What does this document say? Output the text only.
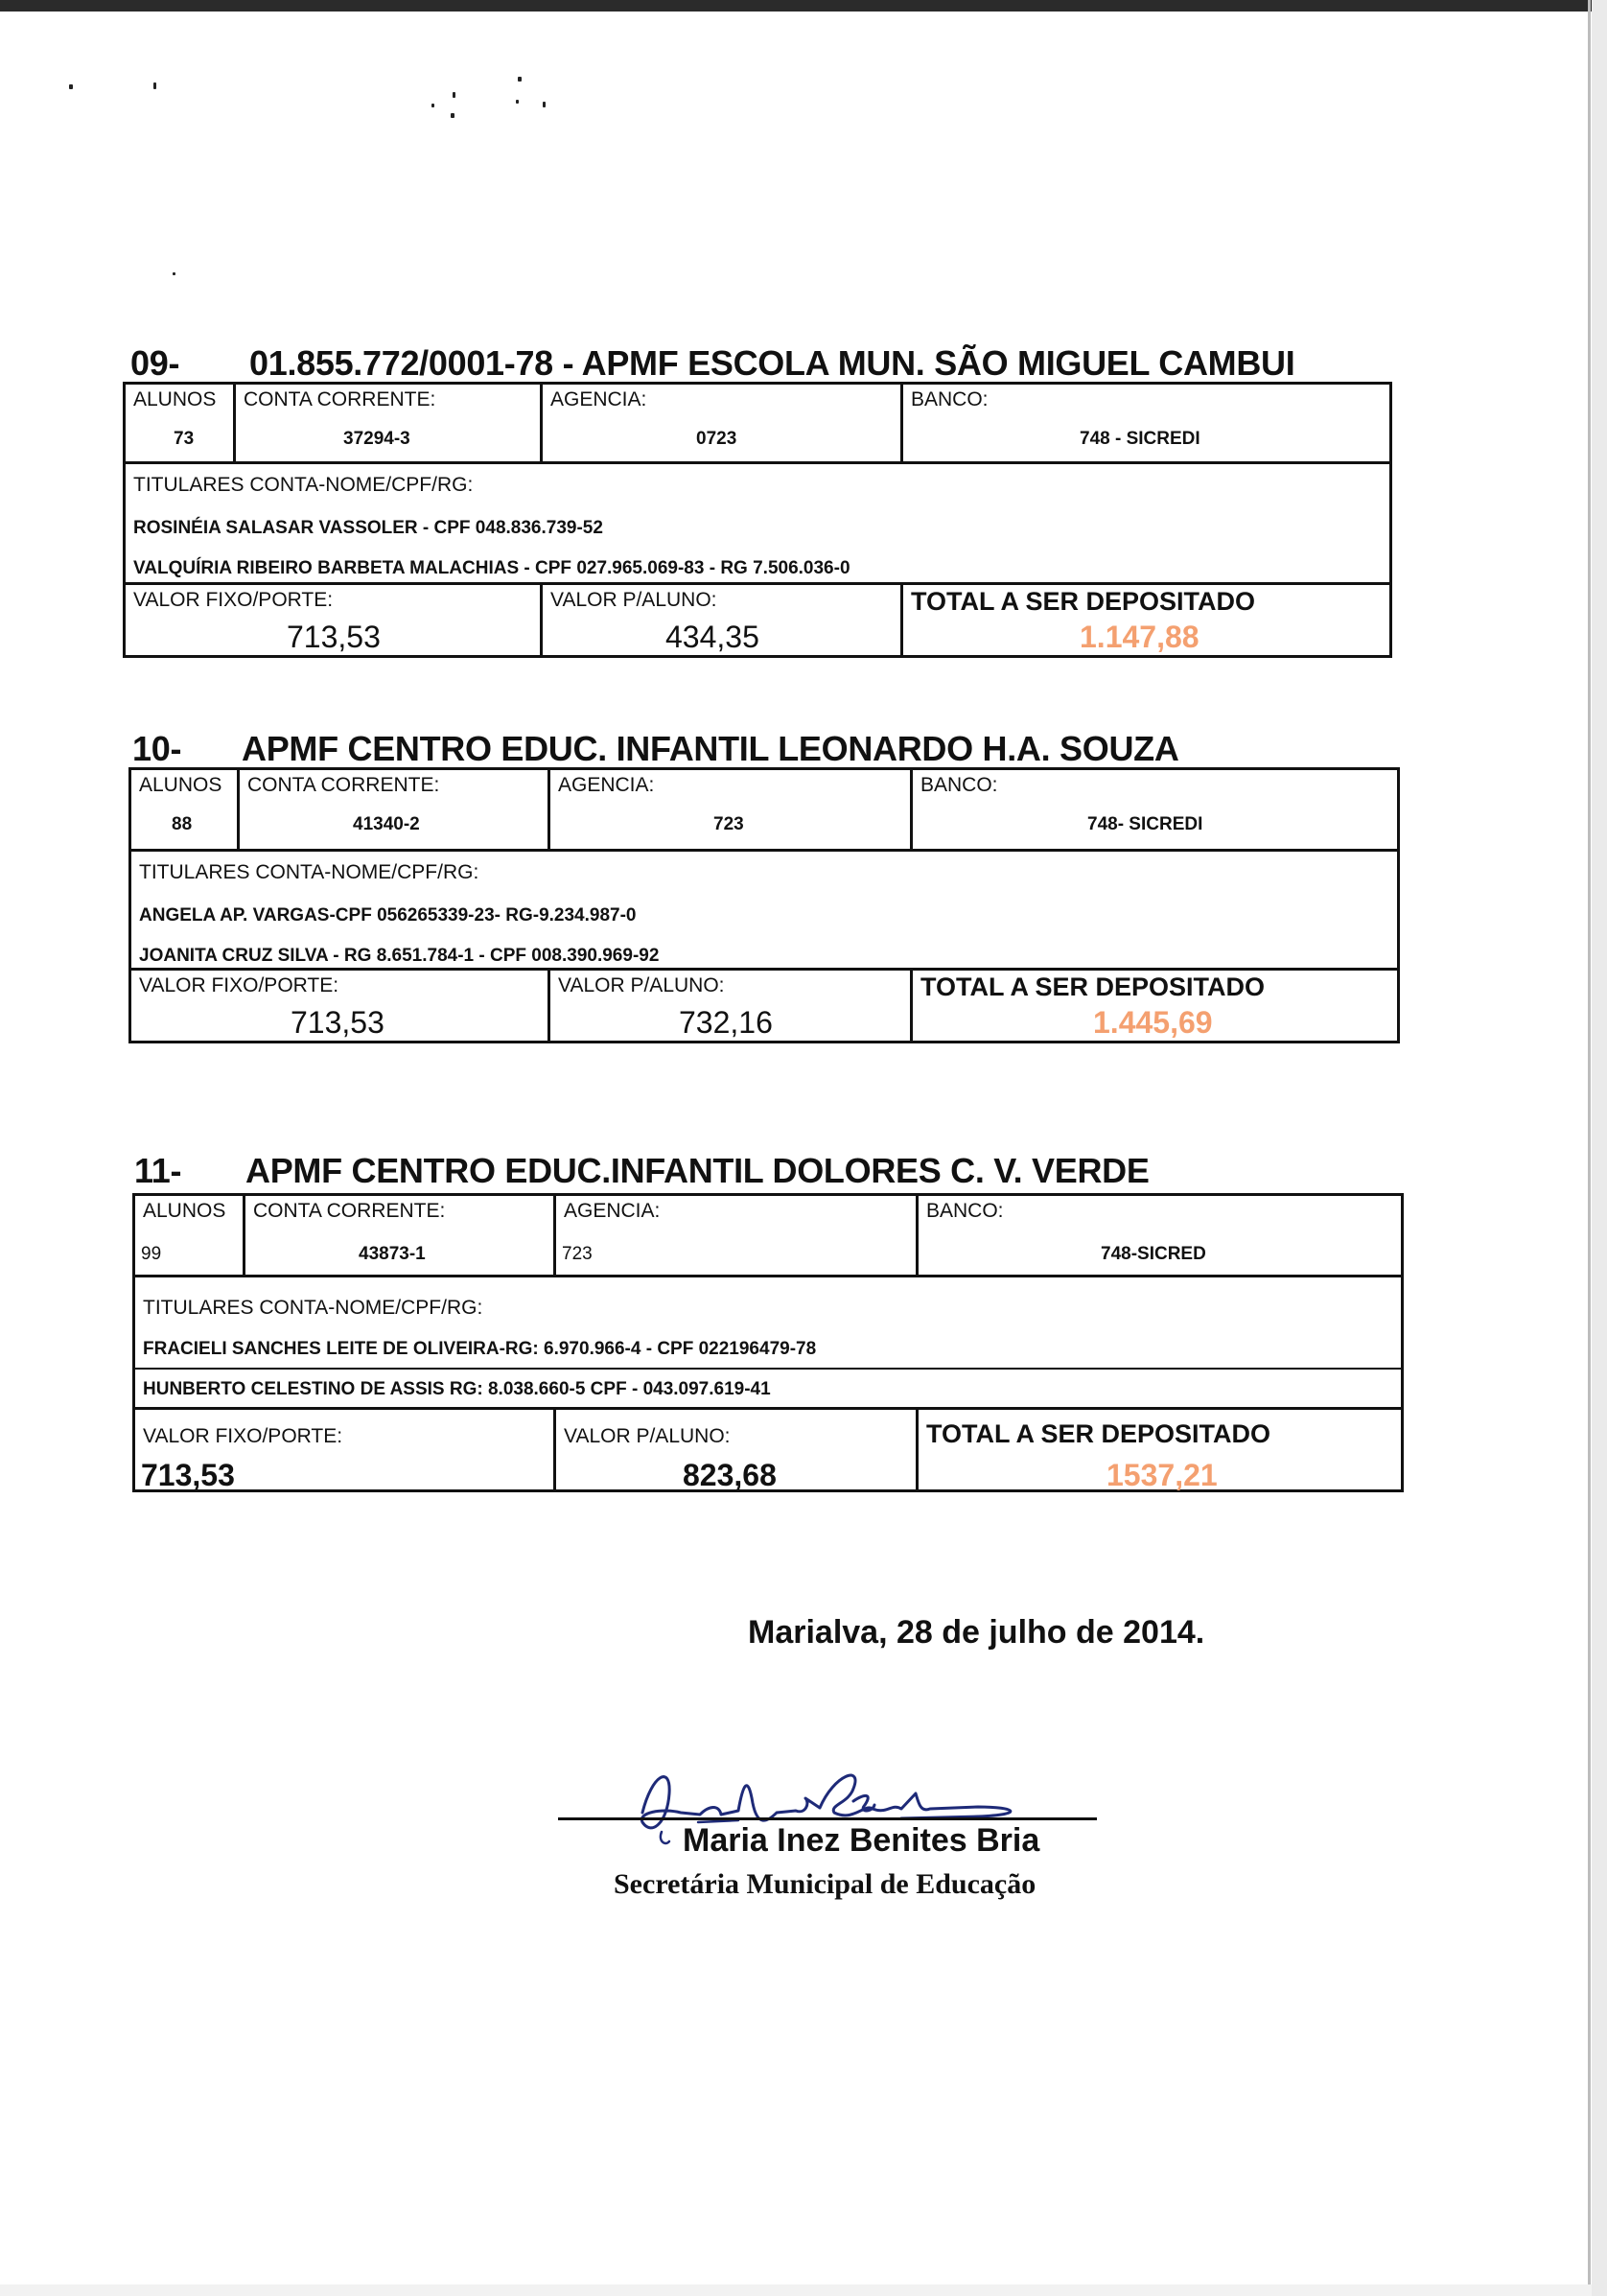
09- 01.855.772/0001-78 - APMF ESCOLA MUN. SÃO MIGUEL CAMBUI
ALUNOS
73
CONTA CORRENTE:
37294-3
AGENCIA:
0723
BANCO:
748 - SICREDI
TITULARES CONTA-NOME/CPF/RG:
ROSINÉIA SALASAR VASSOLER - CPF 048.836.739-52
VALQUÍRIA RIBEIRO BARBETA MALACHIAS - CPF 027.965.069-83 - RG 7.506.036-0
VALOR FIXO/PORTE:
713,53
VALOR P/ALUNO:
434,35
TOTAL A SER DEPOSITADO
1.147,88
10- APMF CENTRO EDUC. INFANTIL LEONARDO H.A. SOUZA
ALUNOS
88
CONTA CORRENTE:
41340-2
AGENCIA:
723
BANCO:
748- SICREDI
TITULARES CONTA-NOME/CPF/RG:
ANGELA AP. VARGAS-CPF 056265339-23- RG-9.234.987-0
JOANITA CRUZ SILVA - RG 8.651.784-1 - CPF 008.390.969-92
VALOR FIXO/PORTE:
713,53
VALOR P/ALUNO:
732,16
TOTAL A SER DEPOSITADO
1.445,69
11- APMF CENTRO EDUC.INFANTIL DOLORES C. V. VERDE
ALUNOS
99
CONTA CORRENTE:
43873-1
AGENCIA:
723
BANCO:
748-SICRED
TITULARES CONTA-NOME/CPF/RG:
FRACIELI SANCHES LEITE DE OLIVEIRA-RG: 6.970.966-4 - CPF 022196479-78
HUNBERTO CELESTINO DE ASSIS RG: 8.038.660-5 CPF - 043.097.619-41
VALOR FIXO/PORTE:
713,53
VALOR P/ALUNO:
823,68
TOTAL A SER DEPOSITADO
1537,21
Marialva, 28 de julho de 2014.
Maria Inez Benites Bria
Secretária Municipal de Educação
